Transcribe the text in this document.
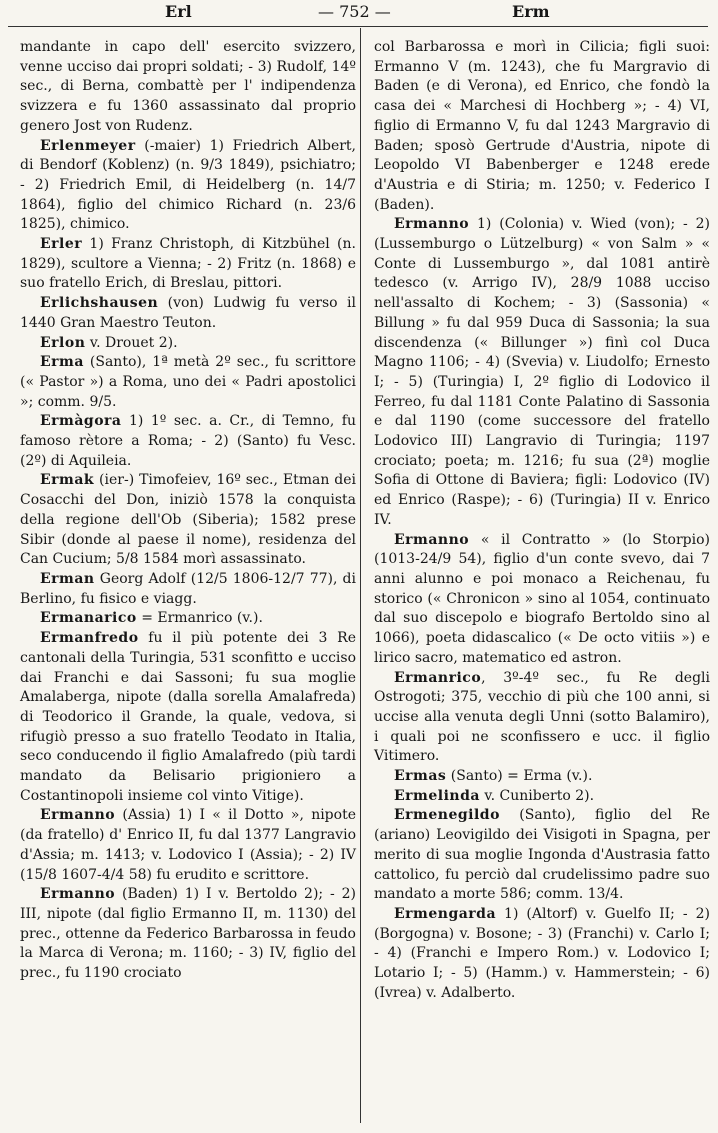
Erl	— 752 —	Erm

mandante in capo dell' esercito svizzero, venne ucciso dai propri soldati; - 3) Rudolf, 14º sec., di Berna, combattè per l' indipendenza svizzera e fu 1360 assassinato dal proprio genero Jost von Rudenz.

Erlenmeyer (-maier) 1) Friedrich Albert, di Bendorf (Koblenz) (n. 9/3 1849), psichiatro; - 2) Friedrich Emil, di Heidelberg (n. 14/7 1864), figlio del chimico Richard (n. 23/6 1825), chimico.

Erler 1) Franz Christoph, di Kitzbühel (n. 1829), scultore a Vienna; - 2) Fritz (n. 1868) e suo fratello Erich, di Breslau, pittori.

Erlichshausen (von) Ludwig fu verso il 1440 Gran Maestro Teuton.

Erlon v. Drouet 2).

Erma (Santo), 1ª metà 2º sec., fu scrittore (« Pastor ») a Roma, uno dei « Padri apostolici »; comm. 9/5.

Ermàgora 1) 1º sec. a. Cr., di Temno, fu famoso rètore a Roma; - 2) (Santo) fu Vesc. (2º) di Aquileia.

Ermak (ier-) Timofeiev, 16º sec., Etman dei Cosacchi del Don, iniziò 1578 la conquista della regione dell'Ob (Siberia); 1582 prese Sibir (donde al paese il nome), residenza del Can Cucium; 5/8 1584 morì assassinato.

Erman Georg Adolf (12/5 1806-12/7 77), di Berlino, fu fisico e viagg.

Ermanarico = Ermanrico (v.).

Ermanfredo fu il più potente dei 3 Re cantonali della Turingia, 531 sconfitto e ucciso dai Franchi e dai Sassoni; fu sua moglie Amalaberga, nipote (dalla sorella Amalafreda) di Teodorico il Grande, la quale, vedova, si rifugiò presso a suo fratello Teodato in Italia, seco conducendo il figlio Amalafredo (più tardi mandato da Belisario prigioniero a Costantinopoli insieme col vinto Vitige).

Ermanno (Assia) 1) I « il Dotto », nipote (da fratello) d' Enrico II, fu dal 1377 Langravio d'Assia; m. 1413; v. Lodovico I (Assia); - 2) IV (15/8 1607-4/4 58) fu erudito e scrittore.

Ermanno (Baden) 1) I v. Bertoldo 2); - 2) III, nipote (dal figlio Ermanno II, m. 1130) del prec., ottenne da Federico Barbarossa in feudo la Marca di Verona; m. 1160; - 3) IV, figlio del prec., fu 1190 crociato

col Barbarossa e morì in Cilicia; figli suoi: Ermanno V (m. 1243), che fu Margravio di Baden (e di Verona), ed Enrico, che fondò la casa dei « Marchesi di Hochberg »; - 4) VI, figlio di Ermanno V, fu dal 1243 Margravio di Baden; sposò Gertrude d'Austria, nipote di Leopoldo VI Babenberger e 1248 erede d'Austria e di Stiria; m. 1250; v. Federico I (Baden).

Ermanno 1) (Colonia) v. Wied (von); - 2) (Lussemburgo o Lützelburg) « von Salm » « Conte di Lussemburgo », dal 1081 antirè tedesco (v. Arrigo IV), 28/9 1088 ucciso nell'assalto di Kochem; - 3) (Sassonia) « Billung » fu dal 959 Duca di Sassonia; la sua discendenza (« Billunger ») finì col Duca Magno 1106; - 4) (Svevia) v. Liudolfo; Ernesto I; - 5) (Turingia) I, 2º figlio di Lodovico il Ferreo, fu dal 1181 Conte Palatino di Sassonia e dal 1190 (come successore del fratello Lodovico III) Langravio di Turingia; 1197 crociato; poeta; m. 1216; fu sua (2ª) moglie Sofia di Ottone di Baviera; figli: Lodovico (IV) ed Enrico (Raspe); - 6) (Turingia) II v. Enrico IV.

Ermanno « il Contratto » (lo Storpio) (1013-24/9 54), figlio d'un conte svevo, dai 7 anni alunno e poi monaco a Reichenau, fu storico (« Chronicon » sino al 1054, continuato dal suo discepolo e biografo Bertoldo sino al 1066), poeta didascalico (« De octo vitiis ») e lirico sacro, matematico ed astron.

Ermanrico, 3º-4º sec., fu Re degli Ostrogoti; 375, vecchio di più che 100 anni, si uccise alla venuta degli Unni (sotto Balamiro), i quali poi ne sconfissero e ucc. il figlio Vitimero.

Ermas (Santo) = Erma (v.).

Ermelinda v. Cuniberto 2).

Ermenegildo (Santo), figlio del Re (ariano) Leovigildo dei Visigoti in Spagna, per merito di sua moglie Ingonda d'Austrasia fatto cattolico, fu perciò dal crudelissimo padre suo mandato a morte 586; comm. 13/4.

Ermengarda 1) (Altorf) v. Guelfo II; - 2) (Borgogna) v. Bosone; - 3) (Franchi) v. Carlo I; - 4) (Franchi e Impero Rom.) v. Lodovico I; Lotario I; - 5) (Hamm.) v. Hammerstein; - 6) (Ivrea) v. Adalberto.
